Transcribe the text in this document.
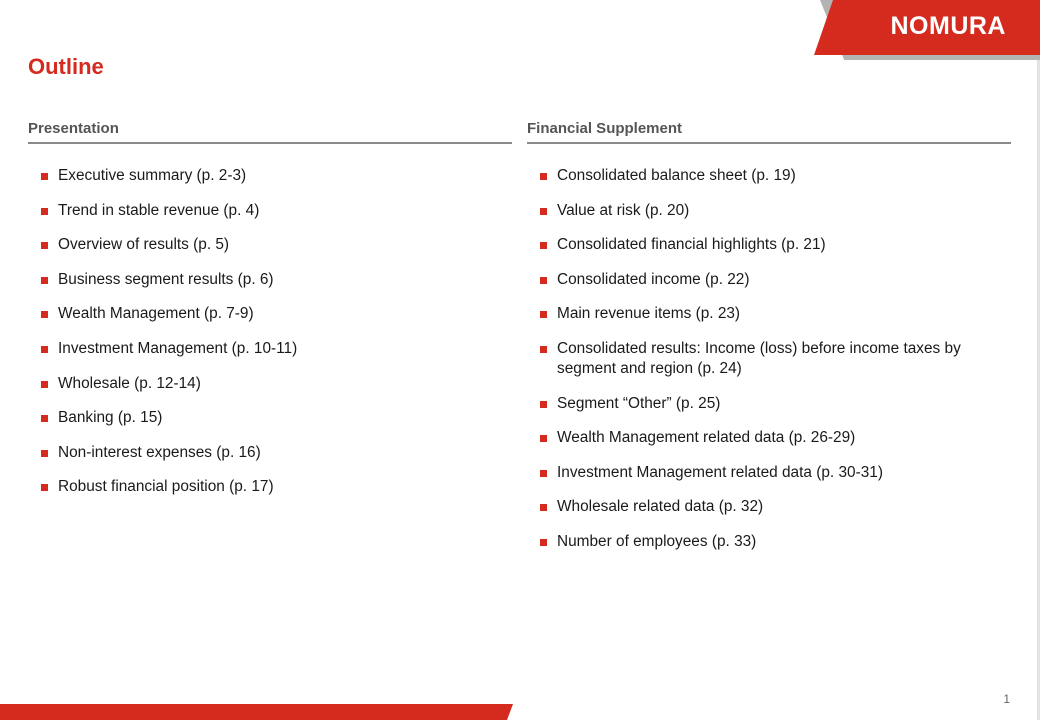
NOMURA
Outline
Presentation
Executive summary (p. 2-3)
Trend in stable revenue (p. 4)
Overview of results (p. 5)
Business segment results (p. 6)
Wealth Management (p. 7-9)
Investment Management (p. 10-11)
Wholesale (p. 12-14)
Banking (p. 15)
Non-interest expenses (p. 16)
Robust financial position (p. 17)
Financial Supplement
Consolidated balance sheet (p. 19)
Value at risk (p. 20)
Consolidated financial highlights (p. 21)
Consolidated income (p. 22)
Main revenue items (p. 23)
Consolidated results: Income (loss) before income taxes by segment and region (p. 24)
Segment “Other” (p. 25)
Wealth Management related data (p. 26-29)
Investment Management related data (p. 30-31)
Wholesale related data (p. 32)
Number of employees (p. 33)
1
